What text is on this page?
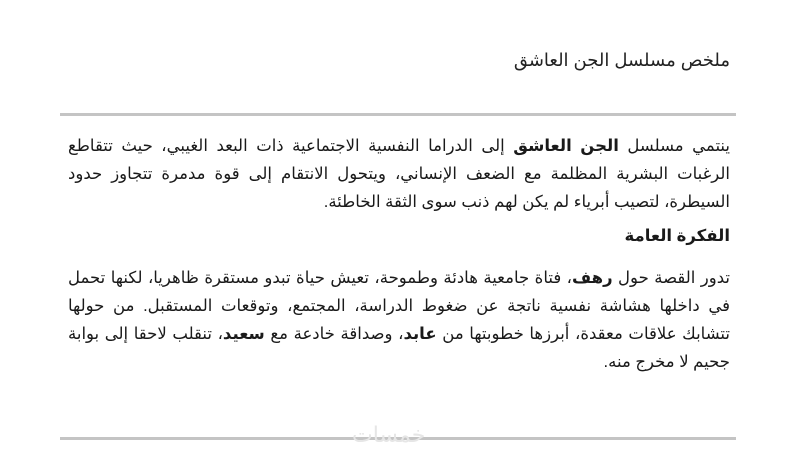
ملخص مسلسل الجن العاشق

ينتمي مسلسل الجن العاشق إلى الدراما النفسية الاجتماعية ذات البعد الغيبي، حيث تتقاطع الرغبات البشرية المظلمة مع الضعف الإنساني، ويتحول الانتقام إلى قوة مدمرة تتجاوز حدود السيطرة، لتصيب أبرياء لم يكن لهم ذنب سوى الثقة الخاطئة.

الفكرة العامة

تدور القصة حول رهف، فتاة جامعية هادئة وطموحة، تعيش حياة تبدو مستقرة ظاهريا، لكنها تحمل في داخلها هشاشة نفسية ناتجة عن ضغوط الدراسة، المجتمع، وتوقعات المستقبل. من حولها تتشابك علاقات معقدة، أبرزها خطوبتها من عابد، وصداقة خادعة مع سعيد، تنقلب لاحقا إلى بوابة جحيم لا مخرج منه.

خمسات
